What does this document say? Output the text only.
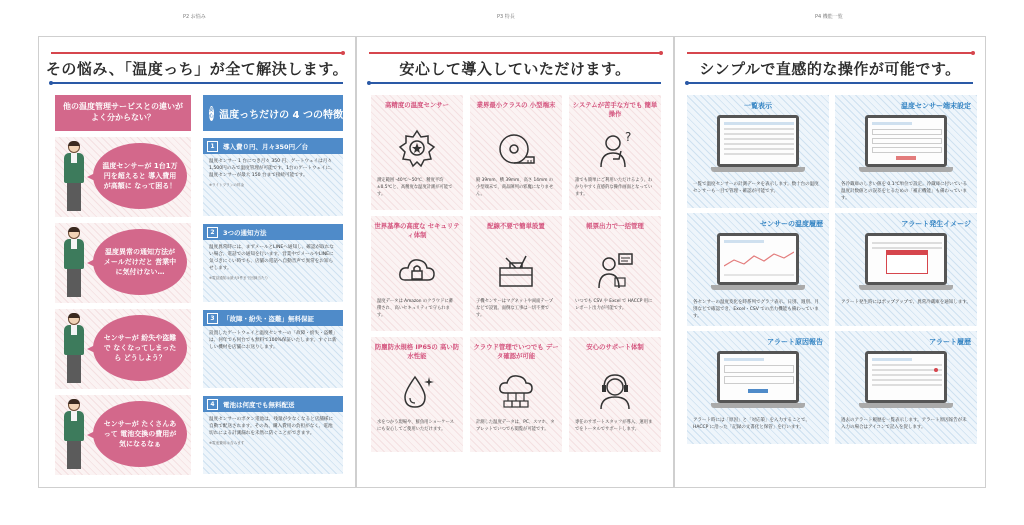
P2 お悩み	P3 特長	P4 機能一覧
その悩み、「温度っち」が全て解決します。
他の温度管理サービスとの違いがよく分からない？
安心 温度っちだけの 4 つの特徴
温度センサーが 1台1万円を超えると 導入費用が高額に なって困る！
温度異常の通知方法が メールだけだと 営業中に気付けない…
センサーが 紛失や盗難で なくなってしまったら どうしよう？
センサーが たくさんあって 電池交換の費用が 気になるなぁ
1	導入費０円、月々350円／台
温度センサー 1 台につき月々 350 円、ゲートウェイは月々1,500円のみで温度管理が可能です。1台のゲートウェイに、温度センサーが最大 150 台まで接続可能です。
※ライトプランの料金
2	3つの通知方法
温度異常時には、まずメールとLINEへ通知し、確認が取れない場合、電話での通知を行います。営業中でメールやLINEに気づきにくい時でも、店舗の電話へ自動音声で異常をお知らせします。
※電話通知は最大5件まで回線当たり
3	「故障・紛失・盗難」無料保証
設置したゲートウェイと温度センサーの「故障・紛失・盗難」は、何年でも何台でも無料で100%保証いたします。すぐに新しい機材を店舗にお送りします。
4	電池は何度でも無料配送
温度センサーのボタン電池は、残量が少なくなると店舗様に自動で配送されます。その為、購入費用の負担がなく、電池切れによる計測漏れを未然に防ぐことができます。
※電池費用は含みます
安心して導入していただけます。
高精度の温度センサー
測定範囲 -40℃〜50℃、精度平均±0.5℃と、高精度な温度計測が可能です。
業界最小クラスの 小型端末
縦 39mm、横 39mm、高さ 14mm の小型端末で、商品陳列の邪魔になりません。
システムが苦手な方でも 簡単操作
?
誰でも簡単にご利用いただけるよう、わかりやすく直感的な操作画面となっています。
世界基準の高度な セキュリティ体制
温度データは Amazon のクラウドに蓄積され、高いセキュリティで守られます。
配線不要で簡単設置
子機センサーはマグネットや両面テープなどで設置。面倒な工事は一切不要です。
帳票出力で一括管理
いつでも CSV や Excel で HACCP 用にレポート出力が可能です。
防塵防水規格 IP65の 高い防水性能
水をつかう現場や、鮮魚用ショーケースにも安心してご使用いただけます。
クラウド管理でいつでも データ確認が可能
計測した温度データは、PC、スマホ、タブレットでいつでも閲覧が可能です。
安心のサポート体制
専任のサポートスタッフが導入、運用までをトータルでサポートします。
シンプルで直感的な操作が可能です。
一覧表示
一覧で温度センサーの計測データを表示します。数十台の温度センサーも一目で管理・確認が可能です。
温度センサー端末設定
各冷蔵庫のしきい値を 0.1℃単位で設定。冷蔵庫に付いている温度計数値との誤差をとるための「補正機能」も備わっています。
センサーの温度履歴
各センサーの温度変化を時系列でグラフ表示。日別、週別、月別などで確認でき、Excel・CSV での出力機能も備わっています。
アラート発生イメージ
アラート発生時にはポップアップで、異常冷蔵庫を通知します。
アラート原因報告
アラート時には「原因」と「対応策」を入力することで、HACCP に沿った「記録の文書化と保管」を行います。
アラート履歴
過去のアラート履歴を一覧表示します。アラート原因報告が未入力の場合はアイコンで記入を促します。
